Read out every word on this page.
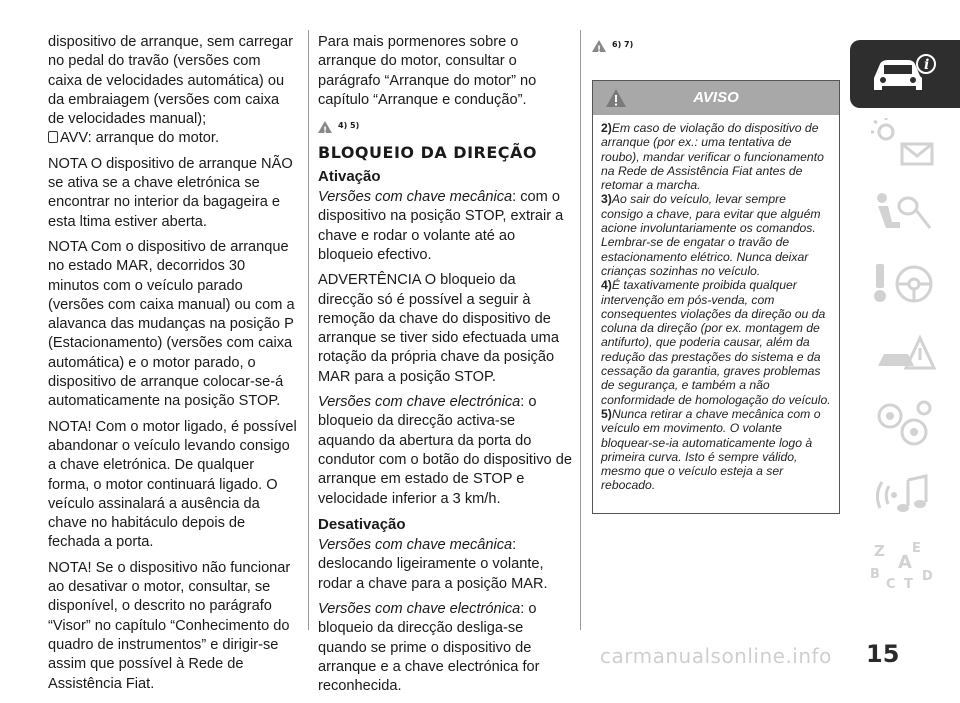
dispositivo de arranque, sem carregar no pedal do travão (versões com caixa de velocidades automática) ou da embraiagem (versões com caixa de velocidades manual);

AVV: arranque do motor.

NOTA O dispositivo de arranque NÃO se ativa se a chave eletrónica se encontrar no interior da bagageira e esta ltima estiver aberta.

NOTA Com o dispositivo de arranque no estado MAR, decorridos 30 minutos com o veículo parado (versões com caixa manual) ou com a alavanca das mudanças na posição P (Estacionamento) (versões com caixa automática) e o motor parado, o dispositivo de arranque colocar-se-á automaticamente na posição STOP.

NOTA! Com o motor ligado, é possível abandonar o veículo levando consigo a chave eletrónica. De qualquer forma, o motor continuará ligado. O veículo assinalará a ausência da chave no habitáculo depois de fechada a porta.

NOTA! Se o dispositivo não funcionar ao desativar o motor, consultar, se disponível, o descrito no parágrafo “Visor” no capítulo “Conhecimento do quadro de instrumentos” e dirigir-se assim que possível à Rede de Assistência Fiat.

Para mais pormenores sobre o arranque do motor, consultar o parágrafo “Arranque do motor” no capítulo “Arranque e condução”.

!$^{4) 5)}$
BLOQUEIO DA DIREÇÃO
Ativação

Versões com chave mecânica: com o dispositivo na posição STOP, extrair a chave e rodar o volante até ao bloqueio efectivo.

ADVERTÊNCIA O bloqueio da direcção só é possível a seguir à remoção da chave do dispositivo de arranque se tiver sido efectuada uma rotação da própria chave da posição MAR para a posição STOP.

Versões com chave electrónica: o bloqueio da direcção activa-se aquando da abertura da porta do condutor com o botão do dispositivo de arranque em estado de STOP e velocidade inferior a 3 km/h.

Desativação

Versões com chave mecânica: deslocando ligeiramente o volante, rodar a chave para a posição MAR.

Versões com chave electrónica: o bloqueio da direcção desliga-se quando se prime o dispositivo de arranque e a chave electrónica for reconhecida.

!$^{6) 7)}$
AVISO
2)Em caso de violação do dispositivo de arranque (por ex.: uma tentativa de roubo), mandar verificar o funcionamento na Rede de Assistência Fiat antes de retomar a marcha.
3)Ao sair do veículo, levar sempre consigo a chave, para evitar que alguém acione involuntariamente os comandos. Lembrar-se de engatar o travão de estacionamento elétrico. Nunca deixar crianças sozinhas no veículo.
4)É taxativamente proibida qualquer intervenção em pós-venda, com consequentes violações da direção ou da coluna da direção (por ex. montagem de antifurto), que poderia causar, além da redução das prestações do sistema e da cessação da garantia, graves problemas de segurança, e também a não conformidade de homologação do veículo.
5)Nunca retirar a chave mecânica com o veículo em movimento. O volante bloquear-se-ia automaticamente logo à primeira curva. Isto é sempre válido, mesmo que o veículo esteja a ser rebocado.
i
Z E
A
B
C T
D
15
carmanualsonline.info
